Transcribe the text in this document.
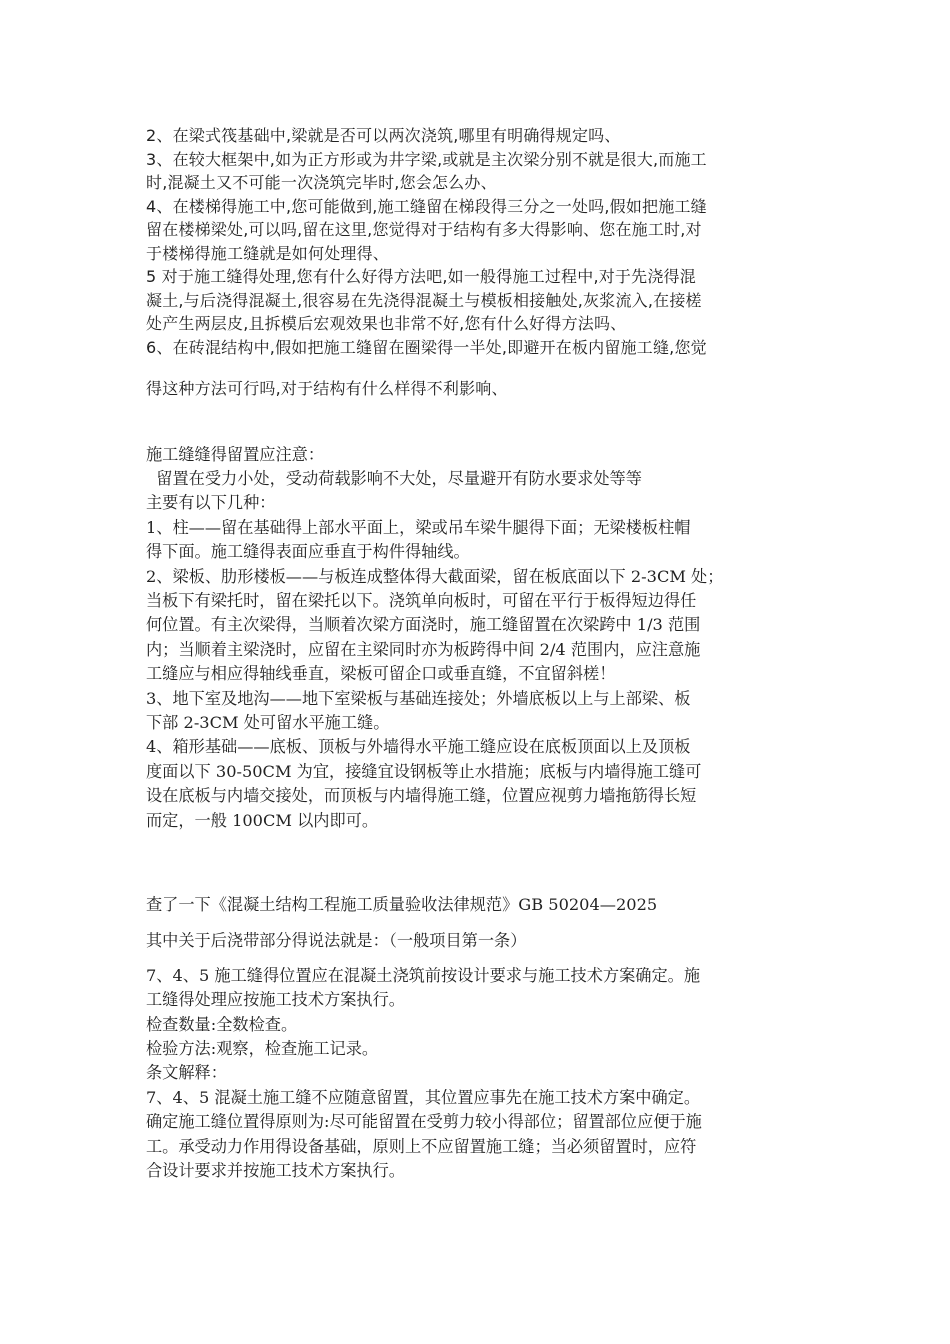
2、在梁式筏基础中,梁就是否可以两次浇筑,哪里有明确得规定吗、

3、在较大框架中,如为正方形或为井字梁,或就是主次梁分别不就是很大,而施工

时,混凝土又不可能一次浇筑完毕时,您会怎么办、

4、在楼梯得施工中,您可能做到,施工缝留在梯段得三分之一处吗,假如把施工缝

留在楼梯梁处,可以吗,留在这里,您觉得对于结构有多大得影响、您在施工时,对

于楼梯得施工缝就是如何处理得、

5 对于施工缝得处理,您有什么好得方法吧,如一般得施工过程中,对于先浇得混

凝土,与后浇得混凝土,很容易在先浇得混凝土与模板相接触处,灰浆流入,在接槎

处产生两层皮,且拆模后宏观效果也非常不好,您有什么好得方法吗、

6、在砖混结构中,假如把施工缝留在圈梁得一半处,即避开在板内留施工缝,您觉

得这种方法可行吗,对于结构有什么样得不利影响、

施工缝缝得留置应注意：

留置在受力小处，受动荷载影响不大处，尽量避开有防水要求处等等

主要有以下几种：

1、柱——留在基础得上部水平面上，梁或吊车梁牛腿得下面；无梁楼板柱帽

得下面。施工缝得表面应垂直于构件得轴线。

2、梁板、肋形楼板——与板连成整体得大截面梁，留在板底面以下 2-3CM 处；

当板下有梁托时，留在梁托以下。浇筑单向板时，可留在平行于板得短边得任

何位置。有主次梁得，当顺着次梁方面浇时，施工缝留置在次梁跨中 1/3 范围

内；当顺着主梁浇时，应留在主梁同时亦为板跨得中间 2/4 范围内，应注意施

工缝应与相应得轴线垂直，梁板可留企口或垂直缝，不宜留斜槎！

3、地下室及地沟——地下室梁板与基础连接处；外墙底板以上与上部梁、板

下部 2-3CM 处可留水平施工缝。

4、箱形基础——底板、顶板与外墙得水平施工缝应设在底板顶面以上及顶板

度面以下 30-50CM 为宜，接缝宜设钢板等止水措施；底板与内墙得施工缝可

设在底板与内墙交接处，而顶板与内墙得施工缝，位置应视剪力墙拖筋得长短

而定，一般 100CM 以内即可。

查了一下《混凝土结构工程施工质量验收法律规范》GB 50204—2025

其中关于后浇带部分得说法就是：（一般项目第一条）

7、4、5 施工缝得位置应在混凝土浇筑前按设计要求与施工技术方案确定。施

工缝得处理应按施工技术方案执行。

检查数量:全数检查。

检验方法:观察，检查施工记录。

条文解释：

7、4、5 混凝土施工缝不应随意留置，其位置应事先在施工技术方案中确定。

确定施工缝位置得原则为:尽可能留置在受剪力较小得部位；留置部位应便于施

工。承受动力作用得设备基础，原则上不应留置施工缝；当必须留置时，应符

合设计要求并按施工技术方案执行。
